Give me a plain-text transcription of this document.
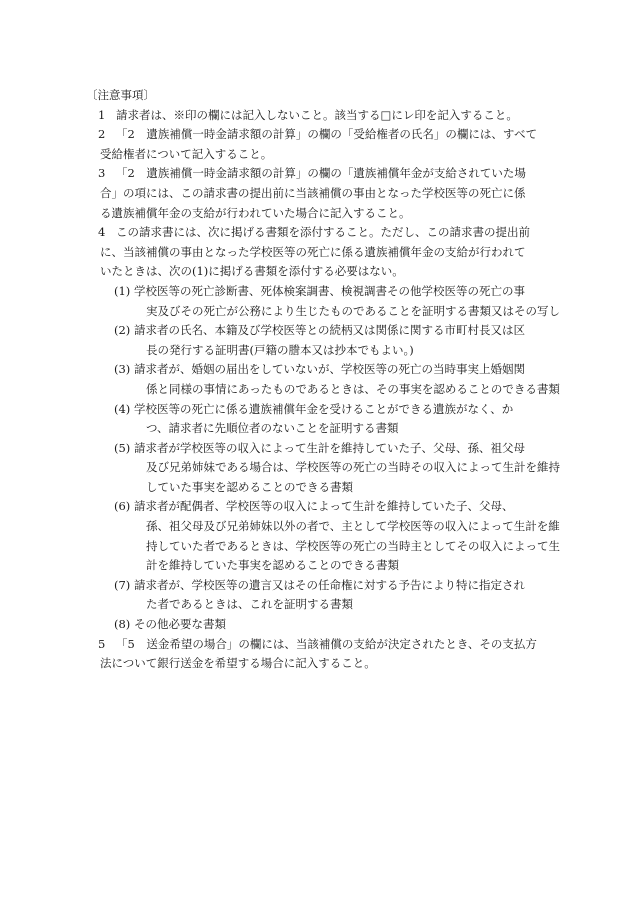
〔注意事項〕
1 請求者は、※印の欄には記入しないこと。該当する□にレ印を記入すること。
2 「2　遺族補償一時金請求額の計算」の欄の「受給権者の氏名」の欄には、すべて
受給権者について記入すること。
3 「2　遺族補償一時金請求額の計算」の欄の「遺族補償年金が支給されていた場
合」の項には、この請求書の提出前に当該補償の事由となった学校医等の死亡に係
る遺族補償年金の支給が行われていた場合に記入すること。
4 この請求書には、次に掲げる書類を添付すること。ただし、この請求書の提出前
に、当該補償の事由となった学校医等の死亡に係る遺族補償年金の支給が行われて
いたときは、次の(1)に掲げる書類を添付する必要はない。
(1) 学校医等の死亡診断書、死体検案調書、検視調書その他学校医等の死亡の事
実及びその死亡が公務により生じたものであることを証明する書類又はその写し
(2) 請求者の氏名、本籍及び学校医等との続柄又は関係に関する市町村長又は区
長の発行する証明書(戸籍の謄本又は抄本でもよい。)
(3) 請求者が、婚姻の届出をしていないが、学校医等の死亡の当時事実上婚姻関
係と同様の事情にあったものであるときは、その事実を認めることのできる書類
(4) 学校医等の死亡に係る遺族補償年金を受けることができる遺族がなく、か
つ、請求者に先順位者のないことを証明する書類
(5) 請求者が学校医等の収入によって生計を維持していた子、父母、孫、祖父母
及び兄弟姉妹である場合は、学校医等の死亡の当時その収入によって生計を維持
していた事実を認めることのできる書類
(6) 請求者が配偶者、学校医等の収入によって生計を維持していた子、父母、
孫、祖父母及び兄弟姉妹以外の者で、主として学校医等の収入によって生計を維
持していた者であるときは、学校医等の死亡の当時主としてその収入によって生
計を維持していた事実を認めることのできる書類
(7) 請求者が、学校医等の遺言又はその任命権に対する予告により特に指定され
た者であるときは、これを証明する書類
(8) その他必要な書類
5 「5　送金希望の場合」の欄には、当該補償の支給が決定されたとき、その支払方
法について銀行送金を希望する場合に記入すること。
